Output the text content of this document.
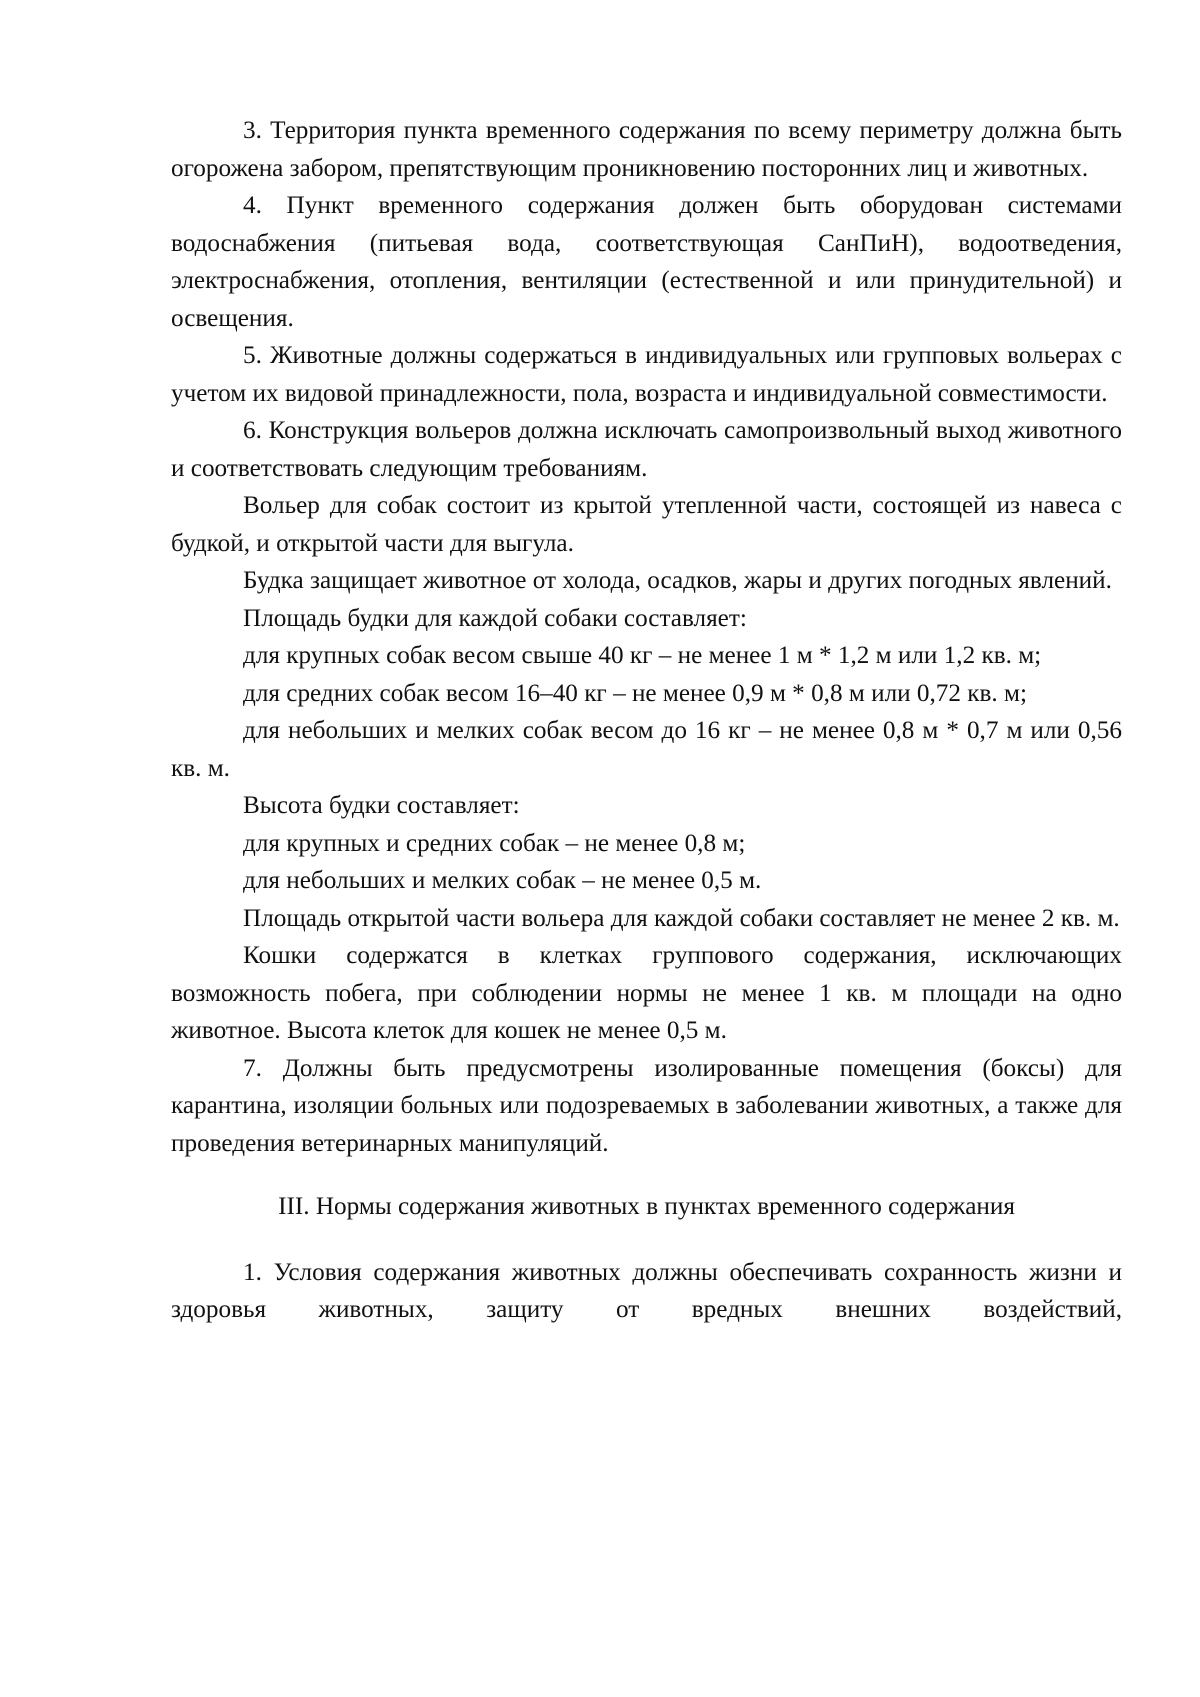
3. Территория пункта временного содержания по всему периметру должна быть огорожена забором, препятствующим проникновению посторонних лиц и животных.

4. Пункт временного содержания должен быть оборудован системами водоснабжения (питьевая вода, соответствующая СанПиН), водоотведения, электроснабжения, отопления, вентиляции (естественной и или принудительной) и освещения.

5. Животные должны содержаться в индивидуальных или групповых вольерах с учетом их видовой принадлежности, пола, возраста и индивидуальной совместимости.

6. Конструкция вольеров должна исключать самопроизвольный выход животного и соответствовать следующим требованиям.

Вольер для собак состоит из крытой утепленной части, состоящей из навеса с будкой, и открытой части для выгула.

Будка защищает животное от холода, осадков, жары и других погодных явлений.

Площадь будки для каждой собаки составляет:

для крупных собак весом свыше 40 кг – не менее 1 м * 1,2 м или 1,2 кв. м;

для средних собак весом 16–40 кг – не менее 0,9 м * 0,8 м или 0,72 кв. м;

для небольших и мелких собак весом до 16 кг – не менее 0,8 м * 0,7 м или 0,56 кв. м.

Высота будки составляет:

для крупных и средних собак – не менее 0,8 м;

для небольших и мелких собак – не менее 0,5 м.

Площадь открытой части вольера для каждой собаки составляет не менее 2 кв. м.

Кошки содержатся в клетках группового содержания, исключающих возможность побега, при соблюдении нормы не менее 1 кв. м площади на одно животное. Высота клеток для кошек не менее 0,5 м.

7. Должны быть предусмотрены изолированные помещения (боксы) для карантина, изоляции больных или подозреваемых в заболевании животных, а также для проведения ветеринарных манипуляций.

III. Нормы содержания животных в пунктах временного содержания

1. Условия содержания животных должны обеспечивать сохранность жизни и здоровья животных, защиту от вредных внешних воздействий,
